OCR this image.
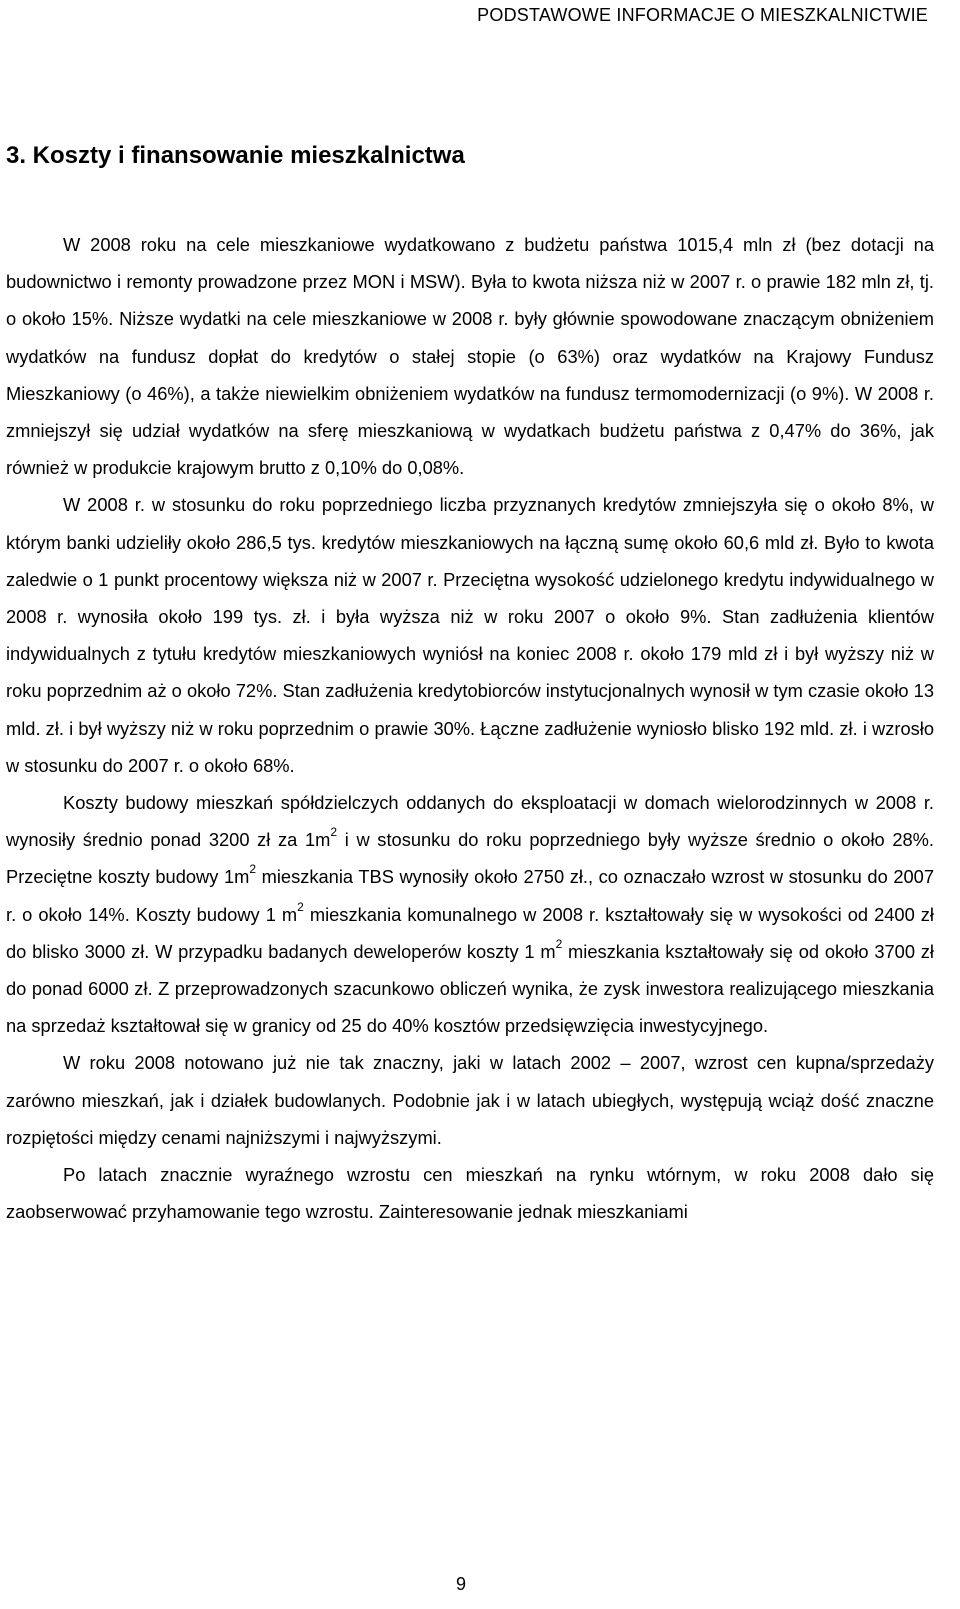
PODSTAWOWE INFORMACJE O MIESZKALNICTWIE
3. Koszty i finansowanie mieszkalnictwa

W 2008 roku na cele mieszkaniowe wydatkowano z budżetu państwa 1015,4 mln zł (bez dotacji na budownictwo i remonty prowadzone przez MON i MSW). Była to kwota niższa niż w 2007 r. o prawie 182 mln zł, tj. o około 15%. Niższe wydatki na cele mieszkaniowe w 2008 r. były głównie spowodowane znaczącym obniżeniem wydatków na fundusz dopłat do kredytów o stałej stopie (o 63%) oraz wydatków na Krajowy Fundusz Mieszkaniowy (o 46%), a także niewielkim obniżeniem wydatków na fundusz termomodernizacji (o 9%). W 2008 r. zmniejszył się udział wydatków na sferę mieszkaniową w wydatkach budżetu państwa z 0,47% do 36%, jak również w produkcie krajowym brutto z 0,10% do 0,08%.

W 2008 r. w stosunku do roku poprzedniego liczba przyznanych kredytów zmniejszyła się o około 8%, w którym banki udzieliły około 286,5 tys. kredytów mieszkaniowych na łączną sumę około 60,6 mld zł. Było to kwota zaledwie o 1 punkt procentowy większa niż w 2007 r. Przeciętna wysokość udzielonego kredytu indywidualnego w 2008 r. wynosiła około 199 tys. zł. i była wyższa niż w roku 2007 o około 9%. Stan zadłużenia klientów indywidualnych z tytułu kredytów mieszkaniowych wyniósł na koniec 2008 r. około 179 mld zł i był wyższy niż w roku poprzednim aż o około 72%. Stan zadłużenia kredytobiorców instytucjonalnych wynosił w tym czasie około 13 mld. zł. i był wyższy niż w roku poprzednim o prawie 30%. Łączne zadłużenie wyniosło blisko 192 mld. zł. i wzrosło w stosunku do 2007 r. o około 68%.

Koszty budowy mieszkań spółdzielczych oddanych do eksploatacji w domach wielorodzinnych w 2008 r. wynosiły średnio ponad 3200 zł za $1m^2$ i w stosunku do roku poprzedniego były wyższe średnio o około 28%. Przeciętne koszty budowy $1m^2$ mieszkania TBS wynosiły około 2750 zł., co oznaczało wzrost w stosunku do 2007 r. o około 14%. Koszty budowy 1 $m^2$ mieszkania komunalnego w 2008 r. kształtowały się w wysokości od 2400 zł do blisko 3000 zł. W przypadku badanych deweloperów koszty 1 $m^2$ mieszkania kształtowały się od około 3700 zł do ponad 6000 zł. Z przeprowadzonych szacunkowo obliczeń wynika, że zysk inwestora realizującego mieszkania na sprzedaż kształtował się w granicy od 25 do 40% kosztów przedsięwzięcia inwestycyjnego.

W roku 2008 notowano już nie tak znaczny, jaki w latach 2002 – 2007, wzrost cen kupna/sprzedaży zarówno mieszkań, jak i działek budowlanych. Podobnie jak i w latach ubiegłych, występują wciąż dość znaczne rozpiętości między cenami najniższymi i najwyższymi.

Po latach znacznie wyraźnego wzrostu cen mieszkań na rynku wtórnym, w roku 2008 dało się zaobserwować przyhamowanie tego wzrostu. Zainteresowanie jednak mieszkaniami

9
